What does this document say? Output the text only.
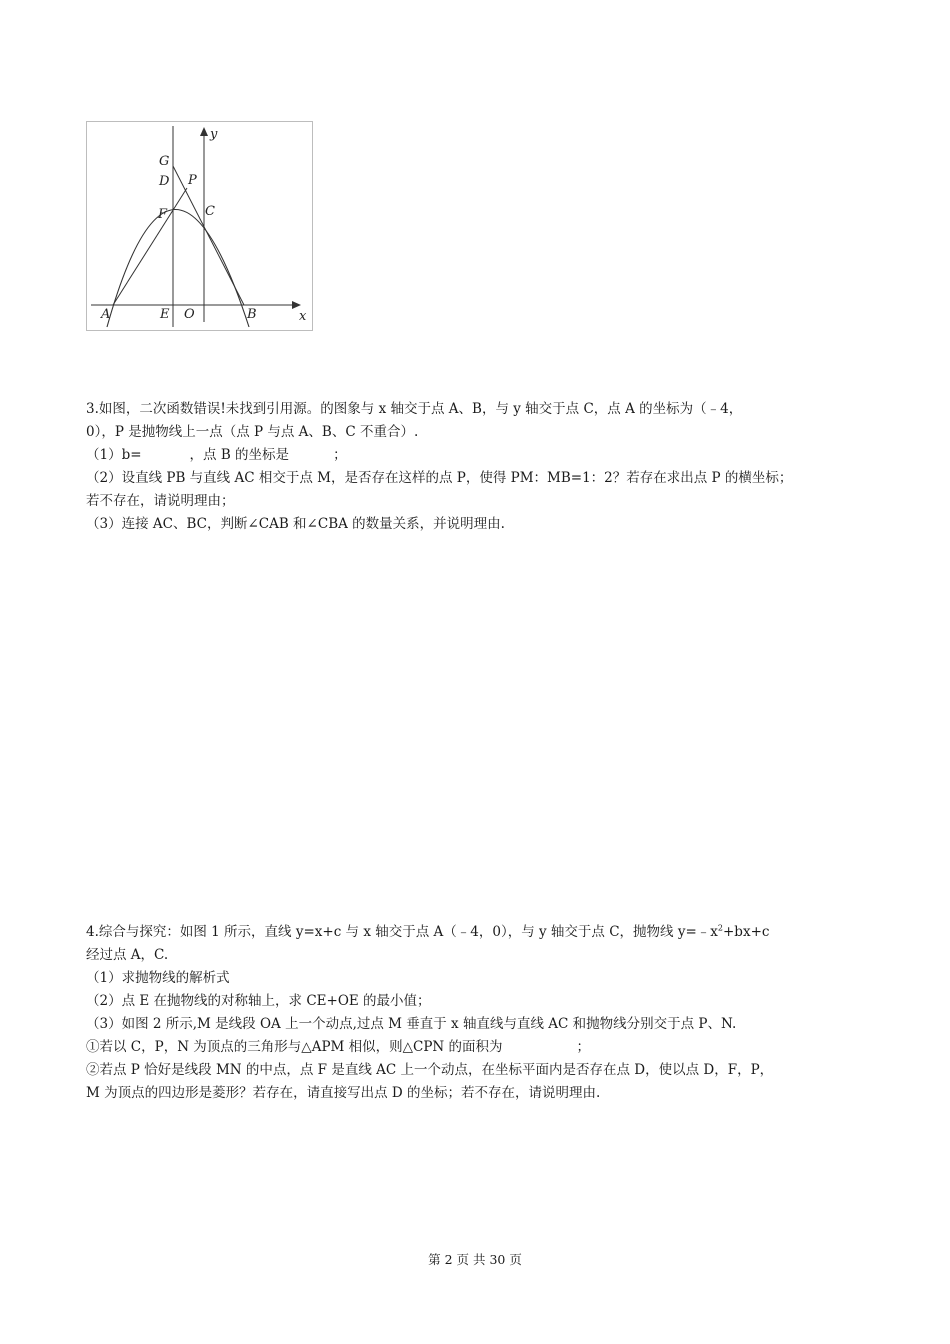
y
x
G
D P
F	C
A	E O	B

3.如图，二次函数错误!未找到引用源。的图象与 x 轴交于点 A、B，与 y 轴交于点 C，点 A 的坐标为（﹣4，

0），P 是抛物线上一点（点 P 与点 A、B、C 不重合）.

（1）b=	，点 B 的坐标是	；

（2）设直线 PB 与直线 AC 相交于点 M，是否存在这样的点 P，使得 PM：MB=1：2？若存在求出点 P 的横坐标；

若不存在，请说明理由；

（3）连接 AC、BC，判断∠CAB 和∠CBA 的数量关系，并说明理由.

4.综合与探究：如图 1 所示，直线 y=x+c 与 x 轴交于点 A（﹣4，0），与 y 轴交于点 C，抛物线 $y=﹣x^2+bx+c$

经过点 A，C.

（1）求抛物线的解析式

（2）点 E 在抛物线的对称轴上，求 CE+OE 的最小值；

（3）如图 2 所示,M 是线段 OA 上一个动点,过点 M 垂直于 x 轴直线与直线 AC 和抛物线分别交于点 P、N.

①若以 C，P，N 为顶点的三角形与△APM 相似，则△CPN 的面积为	；

②若点 P 恰好是线段 MN 的中点，点 F 是直线 AC 上一个动点，在坐标平面内是否存在点 D，使以点 D，F，P，

M 为顶点的四边形是菱形？若存在，请直接写出点 D 的坐标；若不存在，请说明理由.

第 2 页 共 30 页
